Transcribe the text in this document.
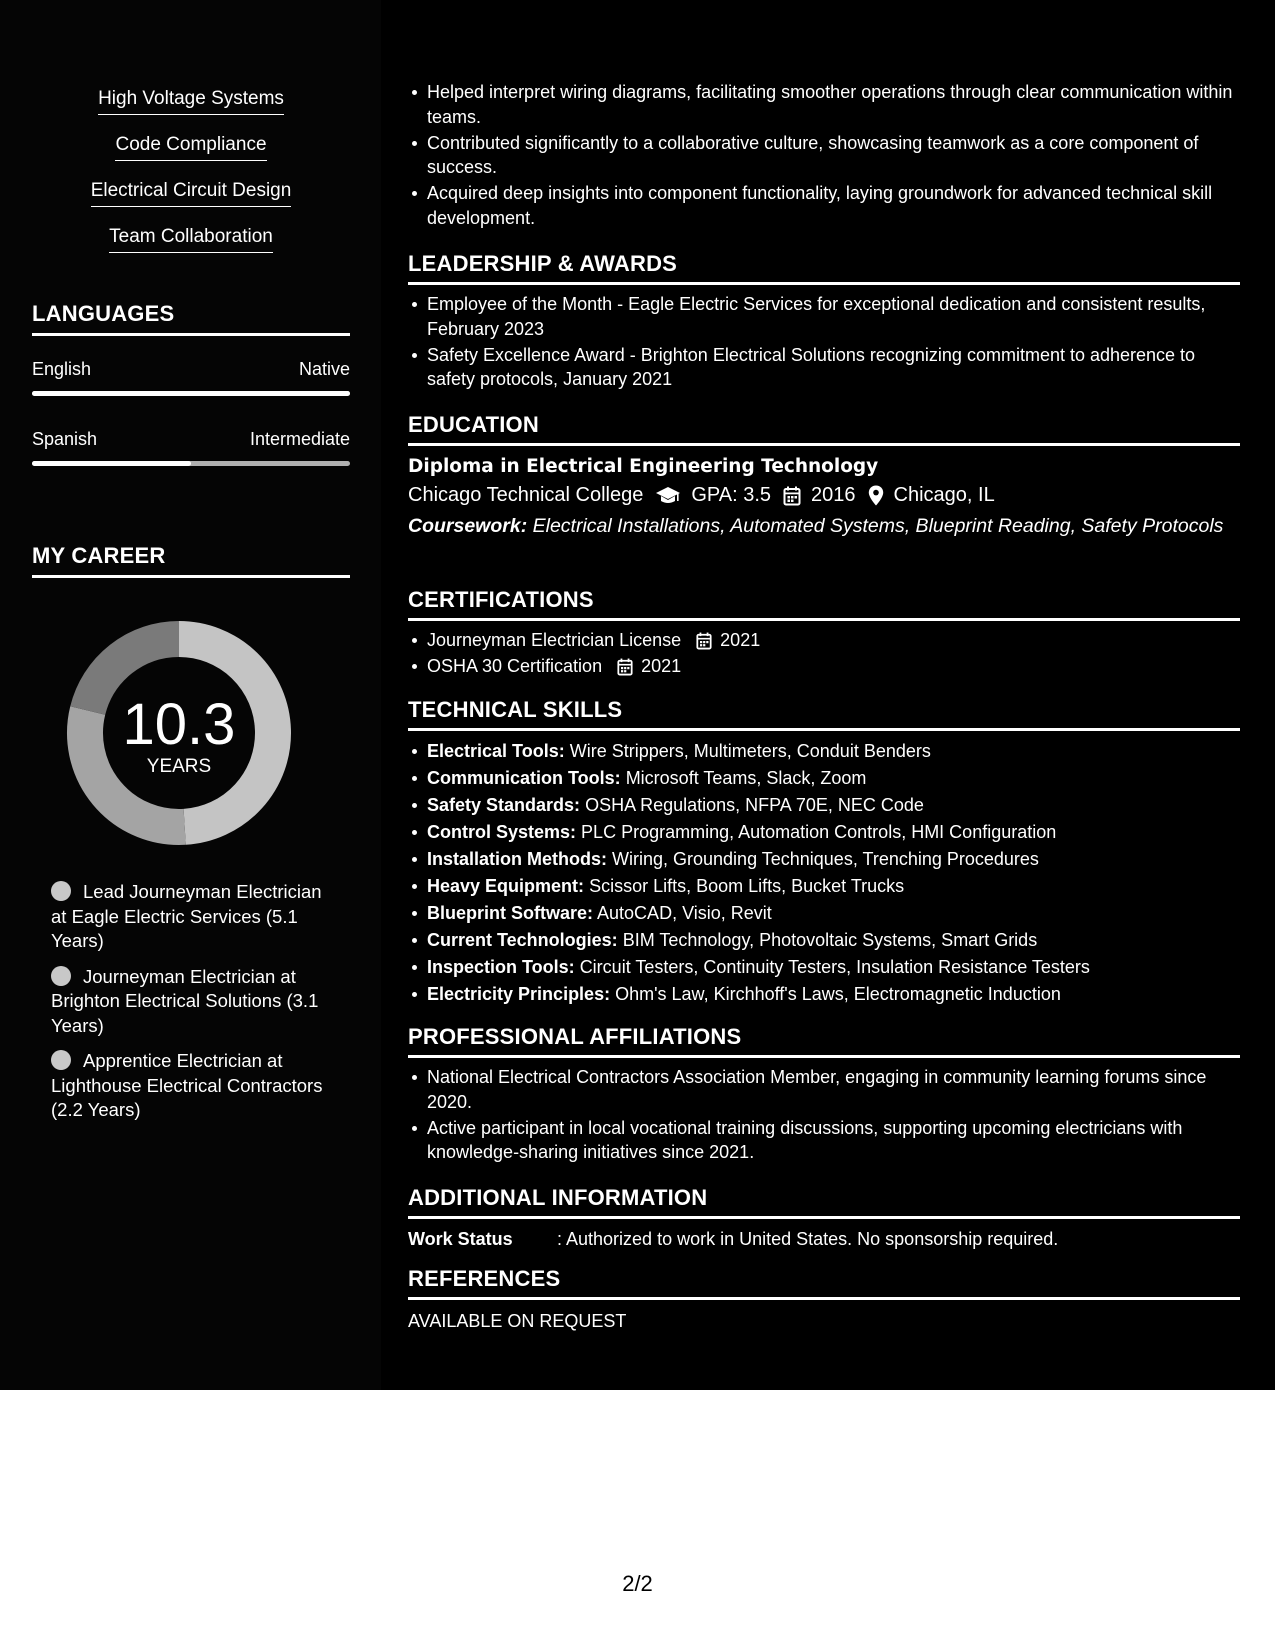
High Voltage Systems
Code Compliance
Electrical Circuit Design
Team Collaboration
LANGUAGES
English	Native
Spanish	Intermediate
MY CAREER
10.3
YEARS
Lead Journeyman Electrician at Eagle Electric Services (5.1 Years)
Journeyman Electrician at Brighton Electrical Solutions (3.1 Years)
Apprentice Electrician at Lighthouse Electrical Contractors (2.2 Years)
Helped interpret wiring diagrams, facilitating smoother operations through clear communication within teams.
Contributed significantly to a collaborative culture, showcasing teamwork as a core component of success.
Acquired deep insights into component functionality, laying groundwork for advanced technical skill development.
LEADERSHIP & AWARDS
Employee of the Month - Eagle Electric Services for exceptional dedication and consistent results, February 2023
Safety Excellence Award - Brighton Electrical Solutions recognizing commitment to adherence to safety protocols, January 2021
EDUCATION
Diploma in Electrical Engineering Technology
Chicago Technical College GPA: 3.5 2016 Chicago, IL
Coursework: Electrical Installations, Automated Systems, Blueprint Reading, Safety Protocols
CERTIFICATIONS
Journeyman Electrician License 2021
OSHA 30 Certification 2021
TECHNICAL SKILLS
Electrical Tools: Wire Strippers, Multimeters, Conduit Benders
Communication Tools: Microsoft Teams, Slack, Zoom
Safety Standards: OSHA Regulations, NFPA 70E, NEC Code
Control Systems: PLC Programming, Automation Controls, HMI Configuration
Installation Methods: Wiring, Grounding Techniques, Trenching Procedures
Heavy Equipment: Scissor Lifts, Boom Lifts, Bucket Trucks
Blueprint Software: AutoCAD, Visio, Revit
Current Technologies: BIM Technology, Photovoltaic Systems, Smart Grids
Inspection Tools: Circuit Testers, Continuity Testers, Insulation Resistance Testers
Electricity Principles: Ohm's Law, Kirchhoff's Laws, Electromagnetic Induction
PROFESSIONAL AFFILIATIONS
National Electrical Contractors Association Member, engaging in community learning forums since 2020.
Active participant in local vocational training discussions, supporting upcoming electricians with knowledge-sharing initiatives since 2021.
ADDITIONAL INFORMATION
Work Status	: Authorized to work in United States. No sponsorship required.
REFERENCES
AVAILABLE ON REQUEST
2/2
